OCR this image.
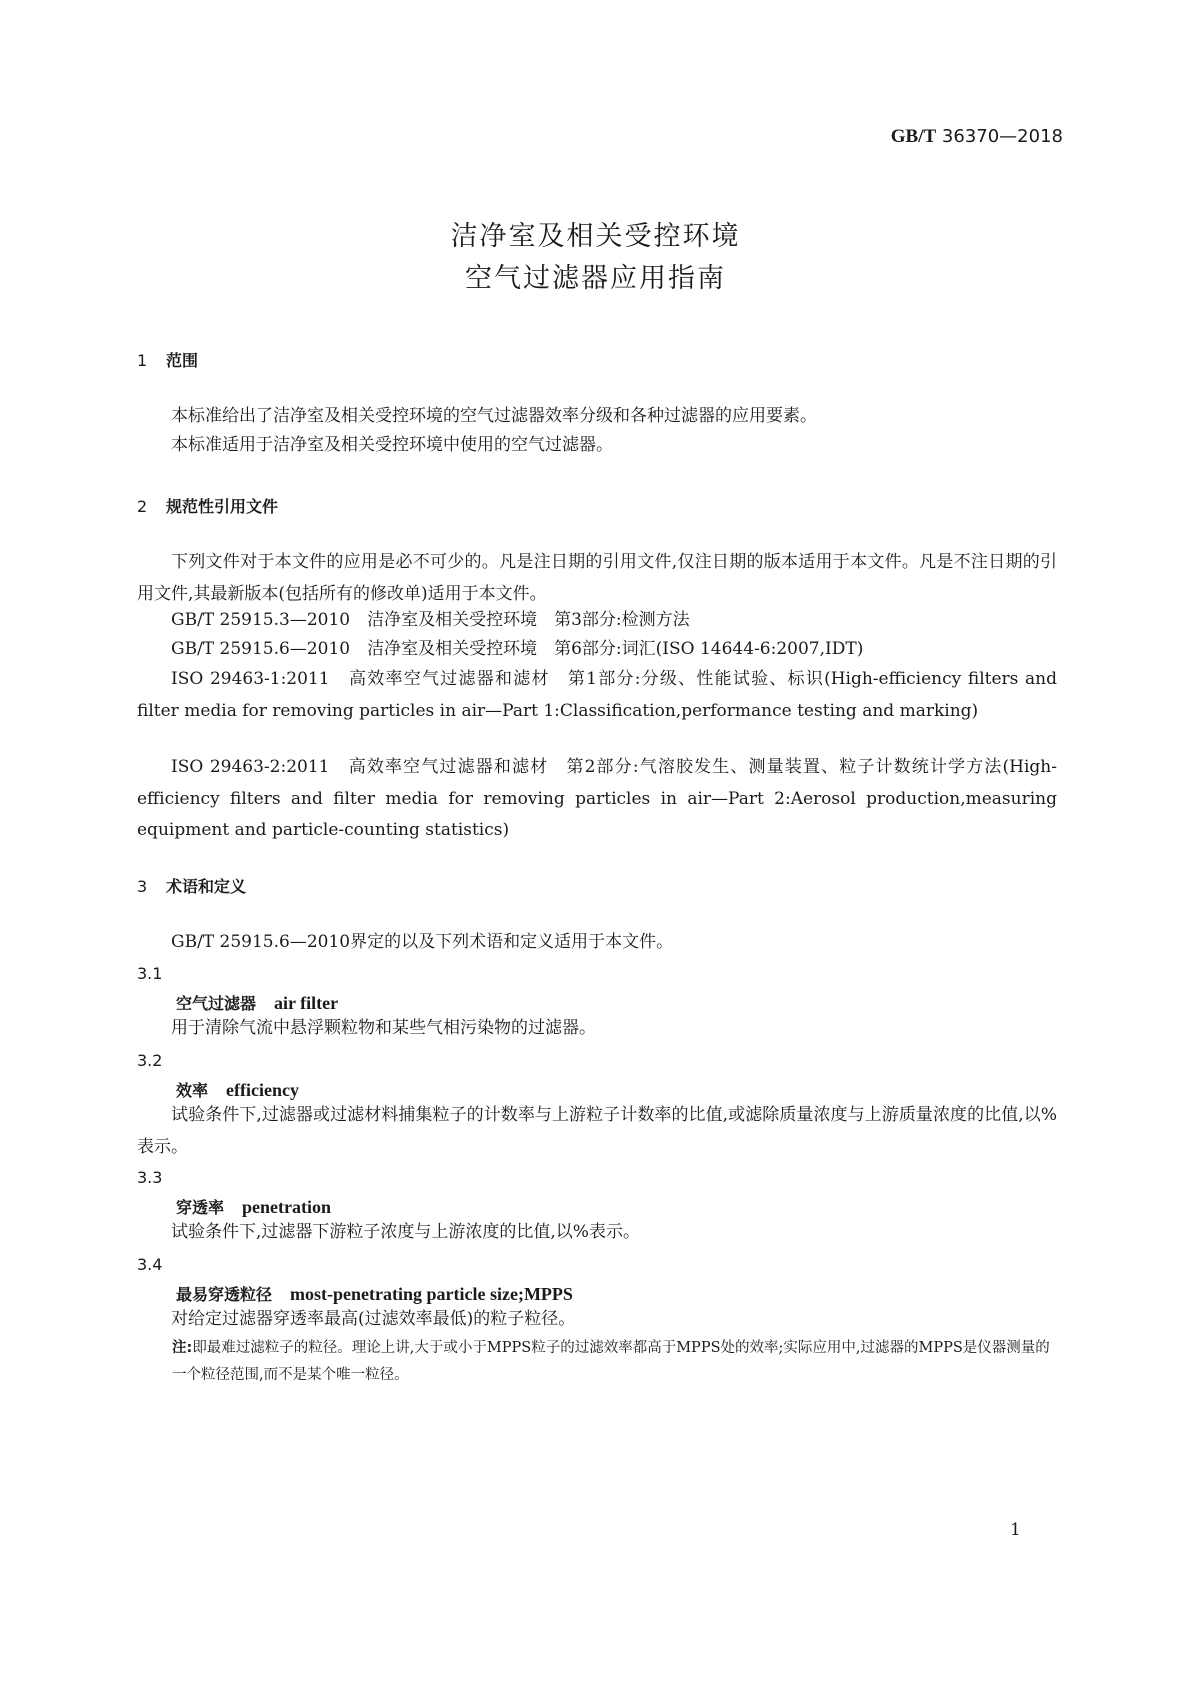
GB/T 36370—2018
洁净室及相关受控环境
空气过滤器应用指南
1 范围
本标准给出了洁净室及相关受控环境的空气过滤器效率分级和各种过滤器的应用要素。
本标准适用于洁净室及相关受控环境中使用的空气过滤器。
2 规范性引用文件
下列文件对于本文件的应用是必不可少的。凡是注日期的引用文件,仅注日期的版本适用于本文件。凡是不注日期的引用文件,其最新版本(包括所有的修改单)适用于本文件。
GB/T 25915.3—2010　洁净室及相关受控环境　第3部分:检测方法
GB/T 25915.6—2010　洁净室及相关受控环境　第6部分:词汇(ISO 14644-6:2007,IDT)
ISO 29463-1:2011　高效率空气过滤器和滤材　第1部分:分级、性能试验、标识(High-efficiency filters and filter media for removing particles in air—Part 1:Classification,performance testing and marking)
ISO 29463-2:2011　高效率空气过滤器和滤材　第2部分:气溶胶发生、测量装置、粒子计数统计学方法(High-efficiency filters and filter media for removing particles in air—Part 2:Aerosol production,measuring equipment and particle-counting statistics)
3 术语和定义
GB/T 25915.6—2010界定的以及下列术语和定义适用于本文件。
3.1
空气过滤器 air filter
用于清除气流中悬浮颗粒物和某些气相污染物的过滤器。
3.2
效率 efficiency
试验条件下,过滤器或过滤材料捕集粒子的计数率与上游粒子计数率的比值,或滤除质量浓度与上游质量浓度的比值,以%表示。
3.3
穿透率 penetration
试验条件下,过滤器下游粒子浓度与上游浓度的比值,以%表示。
3.4
最易穿透粒径 most-penetrating particle size;MPPS
对给定过滤器穿透率最高(过滤效率最低)的粒子粒径。
注:即最难过滤粒子的粒径。理论上讲,大于或小于MPPS粒子的过滤效率都高于MPPS处的效率;实际应用中,过滤器的MPPS是仪器测量的一个粒径范围,而不是某个唯一粒径。
1
